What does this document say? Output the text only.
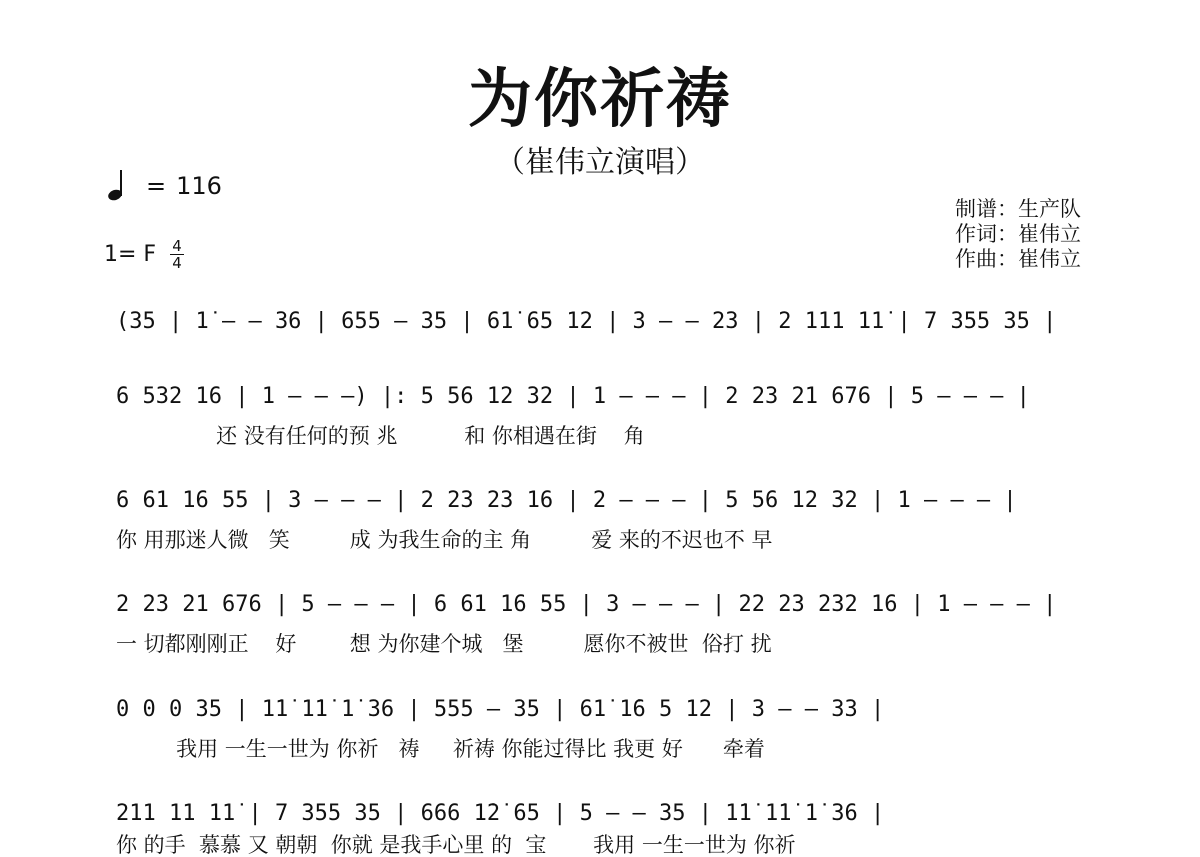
为你祈祷
（崔伟立演唱）
= 116
1= F 4
4
制谱：生产队
作词：崔伟立
作曲：崔伟立
(35 | 1̇ – – 36 | 655 – 35 | 61̇ 65 12 | 3 – – 23 | 2 111 11̇ | 7 355 35 |
6 532 16 | 1 – – –) |: 5 56 12 32 | 1 – – – | 2 23 21 676 | 5 – – – |
还 没有任何的预 兆          和 你相遇在街    角
6 61 16 55 | 3 – – – | 2 23 23 16 | 2 – – – | 5 56 12 32 | 1 – – – |
你 用那迷人微   笑         成 为我生命的主 角         爱 来的不迟也不 早
2 23 21 676 | 5 – – – | 6 61 16 55 | 3 – – – | 22 23 232 16 | 1 – – – |
一 切都刚刚正    好        想 为你建个城   堡         愿你不被世  俗打 扰
0 0 0 35 | 1̇1̇ 1̇1̇ 1̇ 36 | 555 – 35 | 61̇ 1̇6 5 12 | 3 – – 33 |
我用 一生一世为 你祈   祷     祈祷 你能过得比 我更 好      牵着
211 11 11̇ | 7 355 35 | 666 1̇2̇ 65 | 5 – – 35 | 1̇1̇ 1̇1̇ 1̇ 36 |
你 的手  慕慕 又 朝朝  你就 是我手心里 的  宝       我用 一生一世为 你祈
